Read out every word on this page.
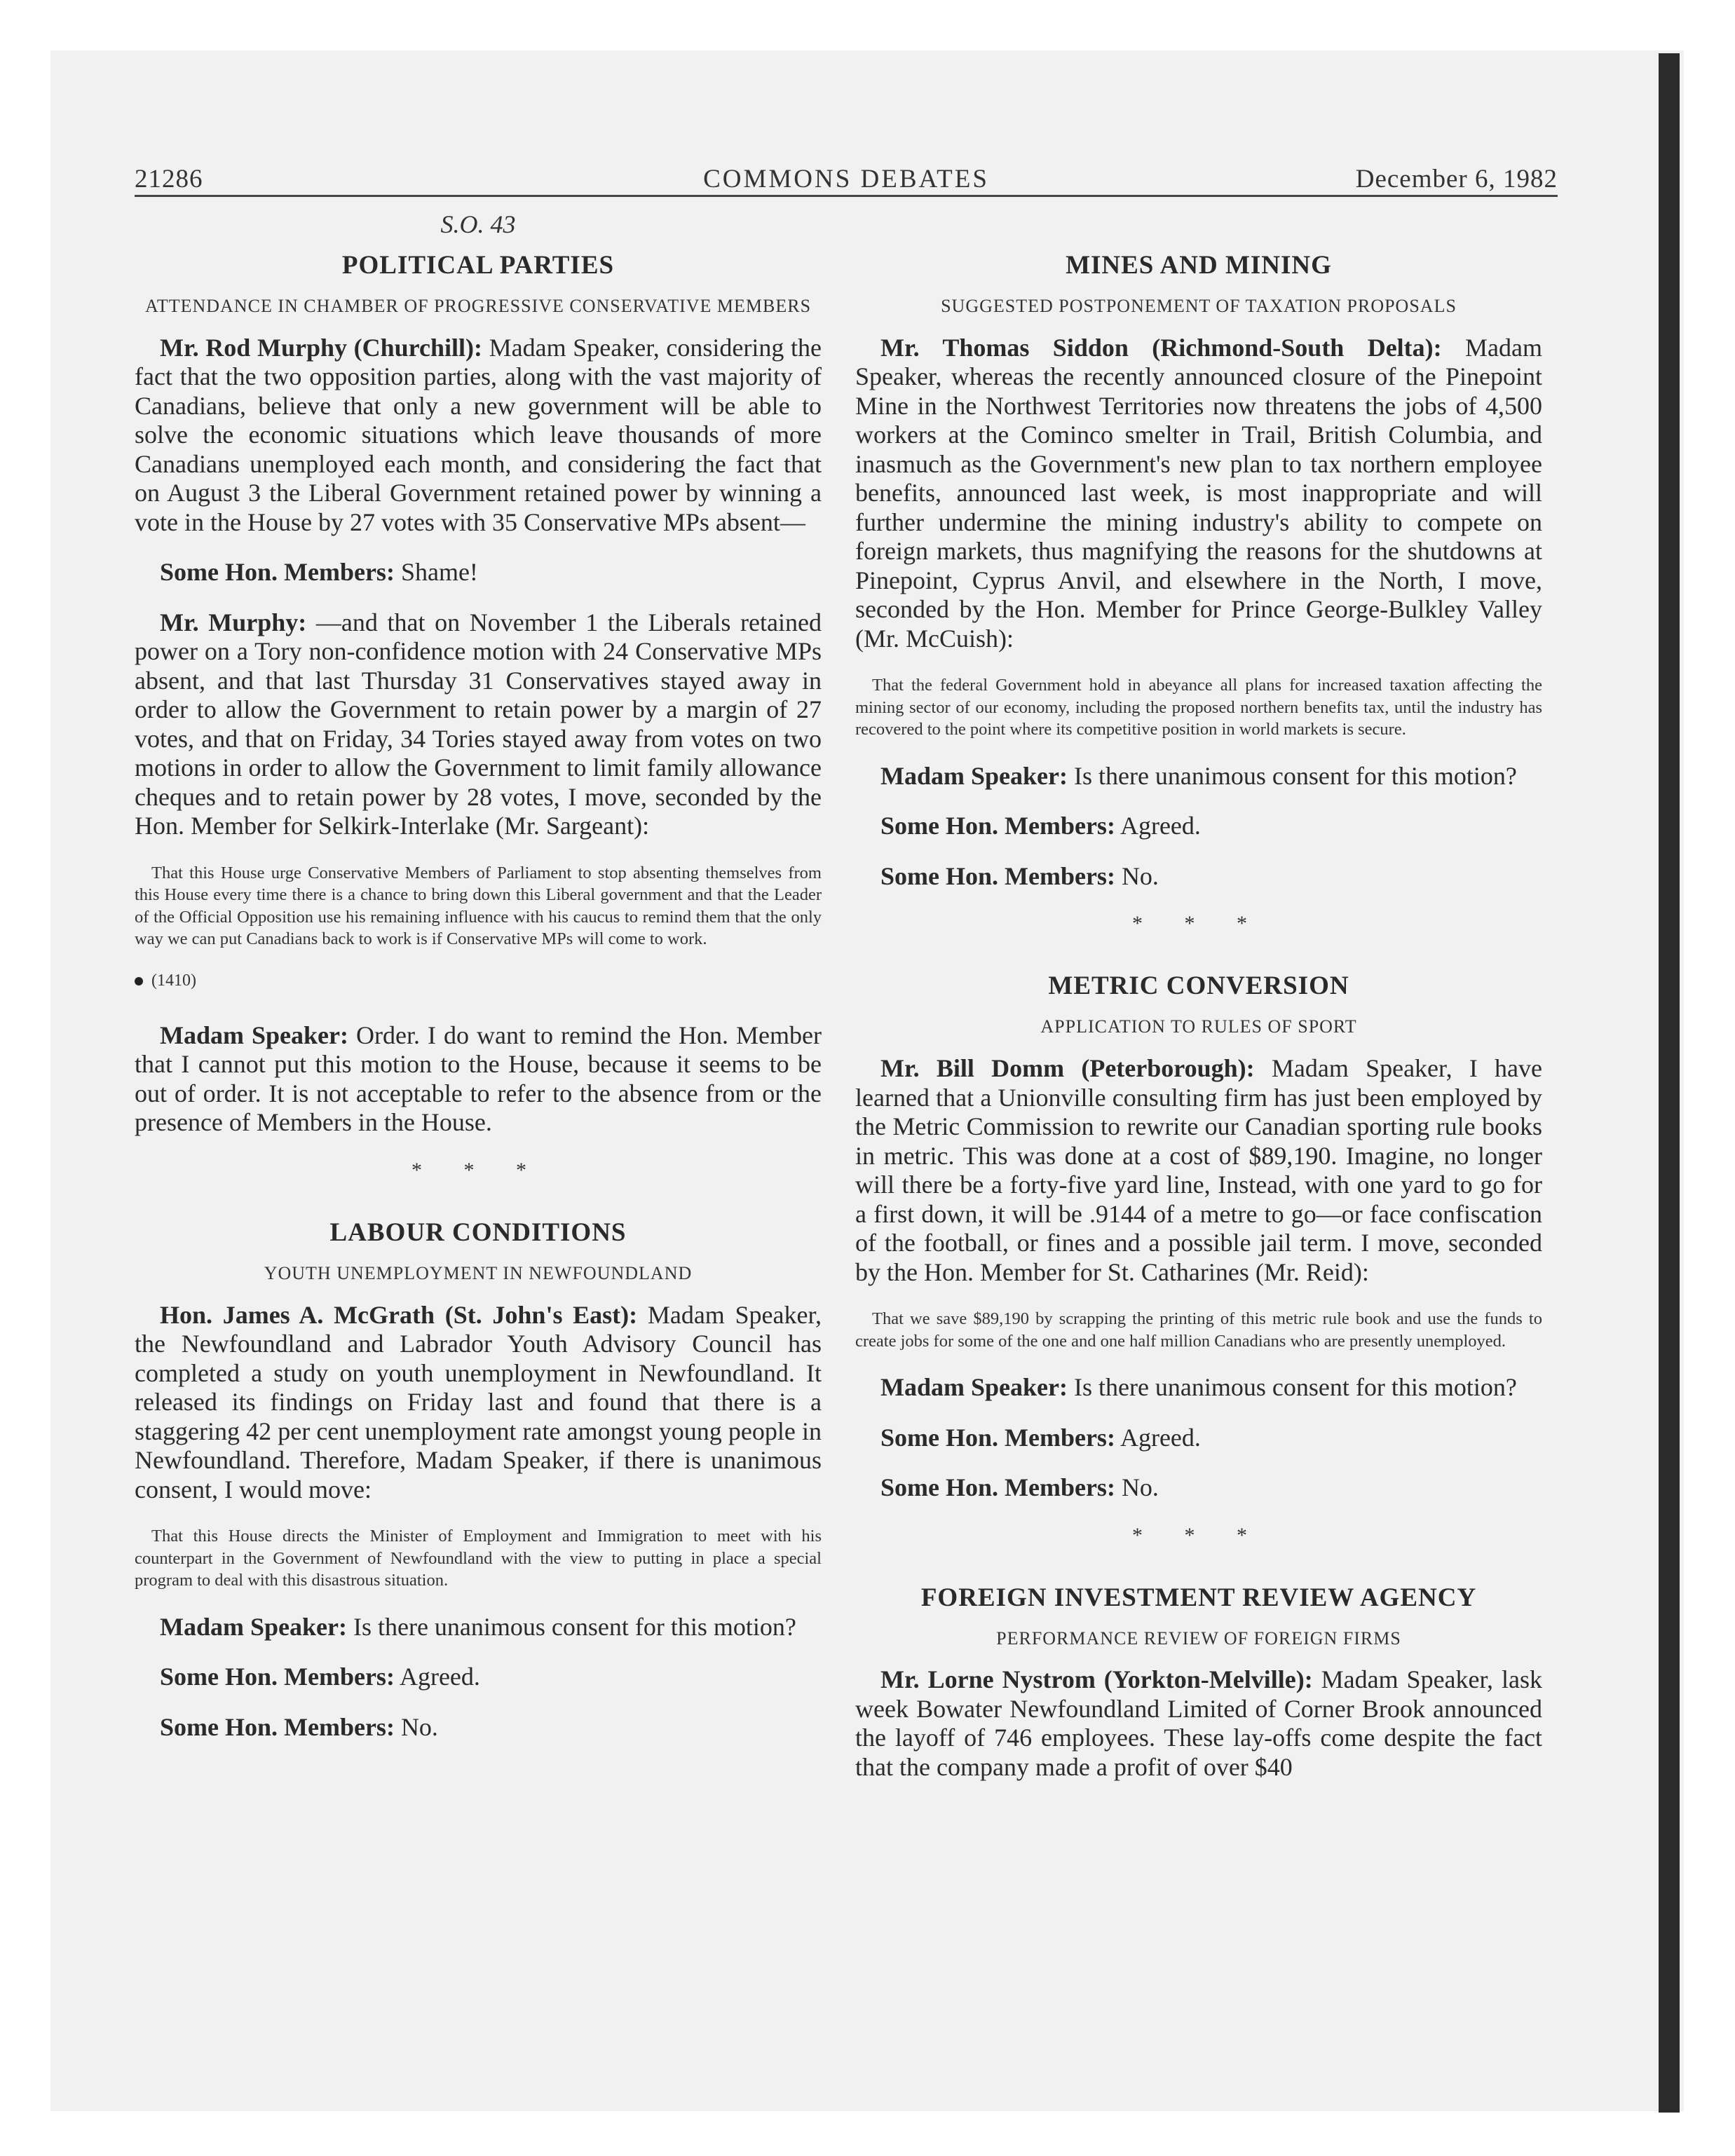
21286	COMMONS DEBATES	December 6, 1982
S.O. 43
POLITICAL PARTIES
ATTENDANCE IN CHAMBER OF PROGRESSIVE CONSERVATIVE MEMBERS

Mr. Rod Murphy (Churchill): Madam Speaker, considering the fact that the two opposition parties, along with the vast majority of Canadians, believe that only a new government will be able to solve the economic situations which leave thousands of more Canadians unemployed each month, and considering the fact that on August 3 the Liberal Government retained power by winning a vote in the House by 27 votes with 35 Conservative MPs absent—

Some Hon. Members: Shame!

Mr. Murphy: —and that on November 1 the Liberals retained power on a Tory non-confidence motion with 24 Conservative MPs absent, and that last Thursday 31 Conservatives stayed away in order to allow the Government to retain power by a margin of 27 votes, and that on Friday, 34 Tories stayed away from votes on two motions in order to allow the Government to limit family allowance cheques and to retain power by 28 votes, I move, seconded by the Hon. Member for Selkirk-Interlake (Mr. Sargeant):

That this House urge Conservative Members of Parliament to stop absenting themselves from this House every time there is a chance to bring down this Liberal government and that the Leader of the Official Opposition use his remaining influence with his caucus to remind them that the only way we can put Canadians back to work is if Conservative MPs will come to work.

(1410)

Madam Speaker: Order. I do want to remind the Hon. Member that I cannot put this motion to the House, because it seems to be out of order. It is not acceptable to refer to the absence from or the presence of Members in the House.

* * *
LABOUR CONDITIONS
YOUTH UNEMPLOYMENT IN NEWFOUNDLAND

Hon. James A. McGrath (St. John's East): Madam Speaker, the Newfoundland and Labrador Youth Advisory Council has completed a study on youth unemployment in Newfoundland. It released its findings on Friday last and found that there is a staggering 42 per cent unemployment rate amongst young people in Newfoundland. Therefore, Madam Speaker, if there is unanimous consent, I would move:

That this House directs the Minister of Employment and Immigration to meet with his counterpart in the Government of Newfoundland with the view to putting in place a special program to deal with this disastrous situation.

Madam Speaker: Is there unanimous consent for this motion?

Some Hon. Members: Agreed.

Some Hon. Members: No.

MINES AND MINING
SUGGESTED POSTPONEMENT OF TAXATION PROPOSALS

Mr. Thomas Siddon (Richmond-South Delta): Madam Speaker, whereas the recently announced closure of the Pinepoint Mine in the Northwest Territories now threatens the jobs of 4,500 workers at the Cominco smelter in Trail, British Columbia, and inasmuch as the Government's new plan to tax northern employee benefits, announced last week, is most inappropriate and will further undermine the mining industry's ability to compete on foreign markets, thus magnifying the reasons for the shutdowns at Pinepoint, Cyprus Anvil, and elsewhere in the North, I move, seconded by the Hon. Member for Prince George-Bulkley Valley (Mr. McCuish):

That the federal Government hold in abeyance all plans for increased taxation affecting the mining sector of our economy, including the proposed northern benefits tax, until the industry has recovered to the point where its competitive position in world markets is secure.

Madam Speaker: Is there unanimous consent for this motion?

Some Hon. Members: Agreed.

Some Hon. Members: No.

* * *
METRIC CONVERSION
APPLICATION TO RULES OF SPORT

Mr. Bill Domm (Peterborough): Madam Speaker, I have learned that a Unionville consulting firm has just been employed by the Metric Commission to rewrite our Canadian sporting rule books in metric. This was done at a cost of $89,190. Imagine, no longer will there be a forty-five yard line, Instead, with one yard to go for a first down, it will be .9144 of a metre to go—or face confiscation of the football, or fines and a possible jail term. I move, seconded by the Hon. Member for St. Catharines (Mr. Reid):

That we save $89,190 by scrapping the printing of this metric rule book and use the funds to create jobs for some of the one and one half million Canadians who are presently unemployed.

Madam Speaker: Is there unanimous consent for this motion?

Some Hon. Members: Agreed.

Some Hon. Members: No.

* * *
FOREIGN INVESTMENT REVIEW AGENCY
PERFORMANCE REVIEW OF FOREIGN FIRMS

Mr. Lorne Nystrom (Yorkton-Melville): Madam Speaker, lask week Bowater Newfoundland Limited of Corner Brook announced the layoff of 746 employees. These lay-offs come despite the fact that the company made a profit of over $40
